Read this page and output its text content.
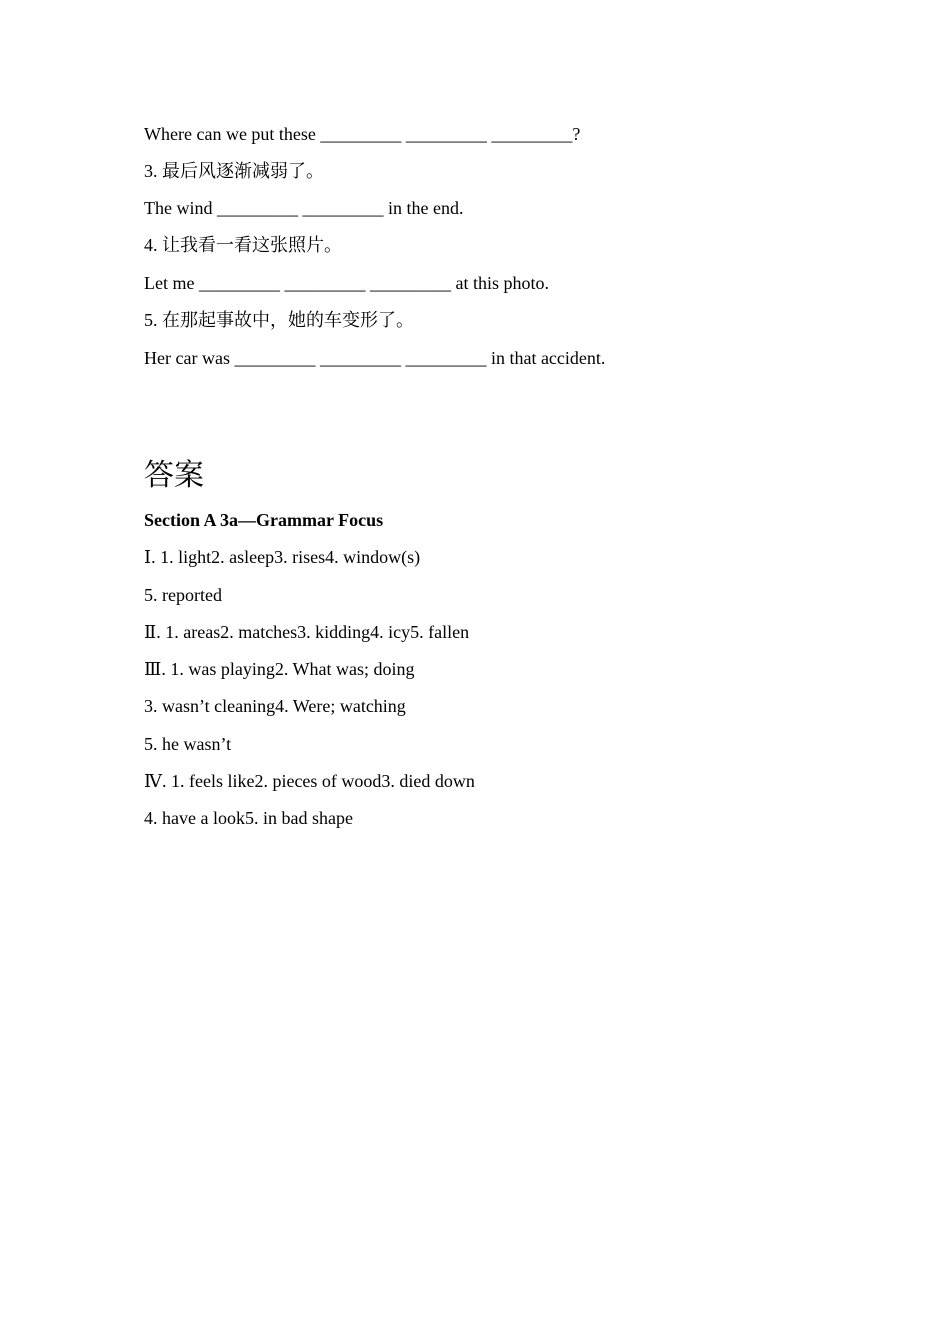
Where can we put these _________ _________ _________?
3. 最后风逐渐减弱了。
The wind _________ _________ in the end.
4. 让我看一看这张照片。
Let me _________ _________ _________ at this photo.
5. 在那起事故中，她的车变形了。
Her car was _________ _________ _________ in that accident.
答案
Section A 3a—Grammar Focus
Ⅰ. 1. light2. asleep3. rises4. window(s)
5. reported
Ⅱ. 1. areas2. matches3. kidding4. icy5. fallen
Ⅲ. 1. was playing2. What was; doing
3. wasn’t cleaning4. Were; watching
5. he wasn’t
Ⅳ. 1. feels like2. pieces of wood3. died down
4. have a look5. in bad shape
